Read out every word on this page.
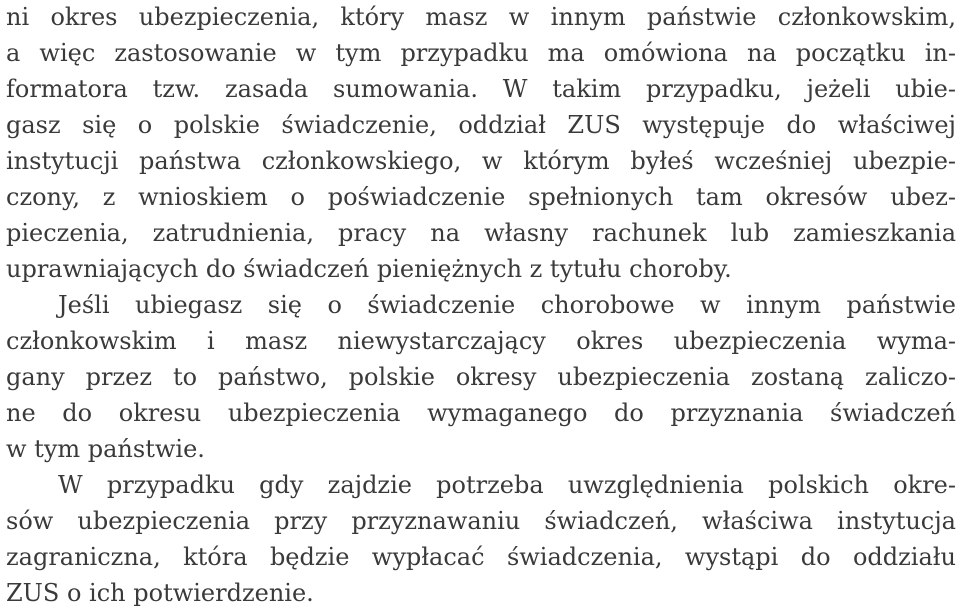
ni okres ubezpieczenia, który masz w innym państwie członkowskim,
a więc zastosowanie w tym przypadku ma omówiona na początku in-
formatora tzw. zasada sumowania. W takim przypadku, jeżeli ubie-
gasz się o polskie świadczenie, oddział ZUS występuje do właściwej
instytucji państwa członkowskiego, w którym byłeś wcześniej ubezpie-
czony, z wnioskiem o poświadczenie spełnionych tam okresów ubez-
pieczenia, zatrudnienia, pracy na własny rachunek lub zamieszkania
uprawniających do świadczeń pieniężnych z tytułu choroby.
Jeśli ubiegasz się o świadczenie chorobowe w innym państwie
członkowskim i masz niewystarczający okres ubezpieczenia wyma-
gany przez to państwo, polskie okresy ubezpieczenia zostaną zaliczo-
ne do okresu ubezpieczenia wymaganego do przyznania świadczeń
w tym państwie.
W przypadku gdy zajdzie potrzeba uwzględnienia polskich okre-
sów ubezpieczenia przy przyznawaniu świadczeń, właściwa instytucja
zagraniczna, która będzie wypłacać świadczenia, wystąpi do oddziału
ZUS o ich potwierdzenie.
